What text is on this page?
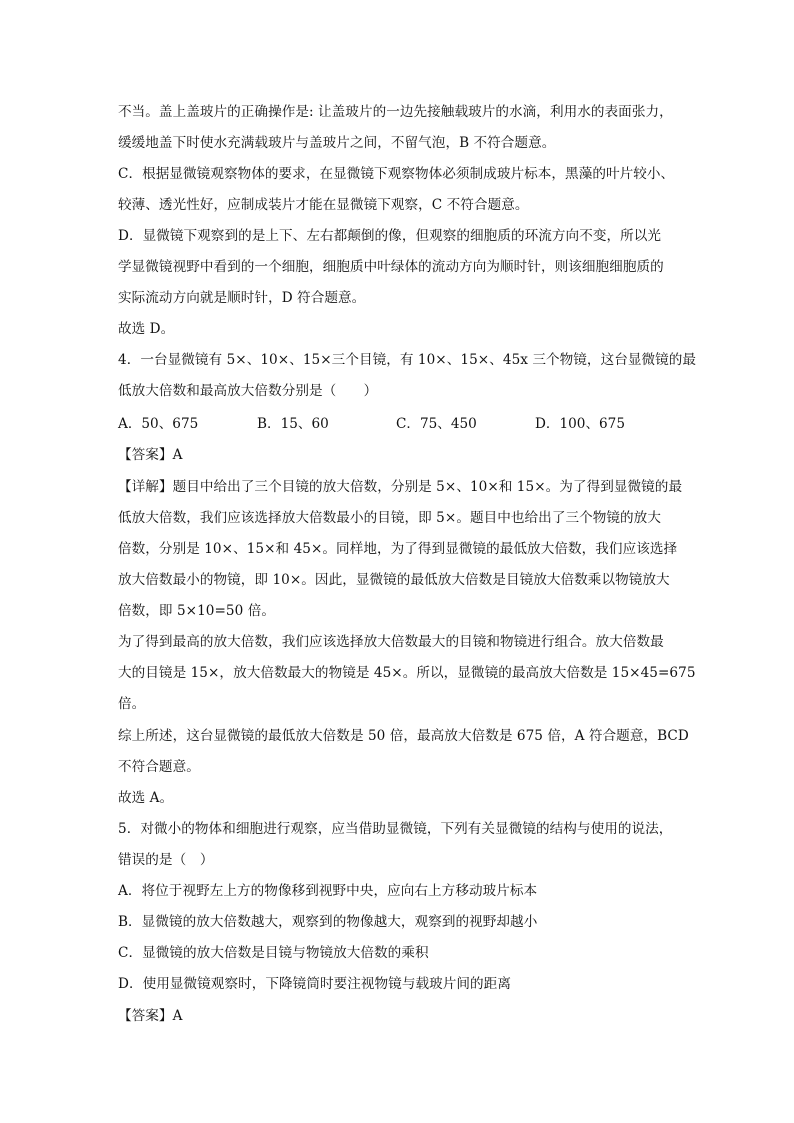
不当。盖上盖玻片的正确操作是: 让盖玻片的一边先接触载玻片的水滴，利用水的表面张力，
缓缓地盖下时使水充满载玻片与盖玻片之间，不留气泡，B 不符合题意。
C．根据显微镜观察物体的要求，在显微镜下观察物体必须制成玻片标本，黑藻的叶片较小、
较薄、透光性好，应制成装片才能在显微镜下观察，C 不符合题意。
D．显微镜下观察到的是上下、左右都颠倒的像，但观察的细胞质的环流方向不变，所以光
学显微镜视野中看到的一个细胞，细胞质中叶绿体的流动方向为顺时针，则该细胞细胞质的
实际流动方向就是顺时针，D 符合题意。
故选 D。
4．一台显微镜有 5×、10×、15×三个目镜，有 10×、15×、45x 三个物镜，这台显微镜的最
低放大倍数和最高放大倍数分别是（　　）
A．50、675	B．15、60	C．75、450	D．100、675
【答案】A
【详解】题目中给出了三个目镜的放大倍数，分别是 5×、10×和 15×。为了得到显微镜的最
低放大倍数，我们应该选择放大倍数最小的目镜，即 5×。题目中也给出了三个物镜的放大
倍数，分别是 10×、15×和 45×。同样地，为了得到显微镜的最低放大倍数，我们应该选择
放大倍数最小的物镜，即 10×。因此，显微镜的最低放大倍数是目镜放大倍数乘以物镜放大
倍数，即 5×10=50 倍。
为了得到最高的放大倍数，我们应该选择放大倍数最大的目镜和物镜进行组合。放大倍数最
大的目镜是 15×，放大倍数最大的物镜是 45×。所以，显微镜的最高放大倍数是 15×45=675
倍。
综上所述，这台显微镜的最低放大倍数是 50 倍，最高放大倍数是 675 倍，A 符合题意，BCD
不符合题意。
故选 A。
5．对微小的物体和细胞进行观察，应当借助显微镜，下列有关显微镜的结构与使用的说法，
错误的是（　）
A．将位于视野左上方的物像移到视野中央，应向右上方移动玻片标本
B．显微镜的放大倍数越大，观察到的物像越大，观察到的视野却越小
C．显微镜的放大倍数是目镜与物镜放大倍数的乘积
D．使用显微镜观察时，下降镜筒时要注视物镜与载玻片间的距离
【答案】A
